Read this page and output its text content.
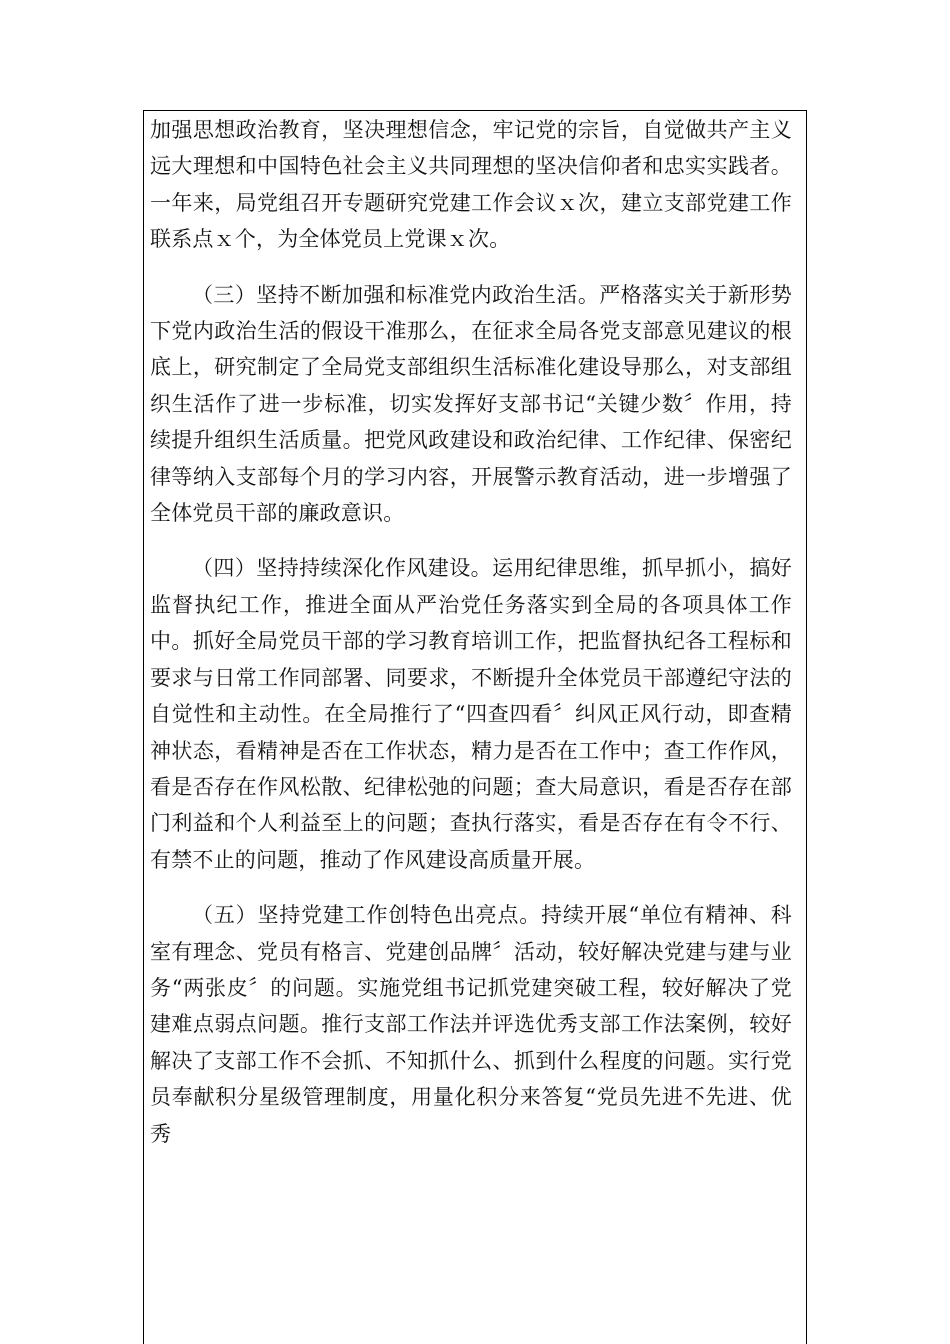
加强思想政治教育，坚决理想信念，牢记党的宗旨，自觉做共产主义远大理想和中国特色社会主义共同理想的坚决信仰者和忠实实践者。一年来，局党组召开专题研究党建工作会议ｘ次，建立支部党建工作联系点ｘ个，为全体党员上党课ｘ次。

（三）坚持不断加强和标准党内政治生活。严格落实关于新形势下党内政治生活的假设干准那么，在征求全局各党支部意见建议的根底上，研究制定了全局党支部组织生活标准化建设导那么，对支部组织生活作了进一步标准，切实发挥好支部书记“关键少数〞作用，持续提升组织生活质量。把党风政建设和政治纪律、工作纪律、保密纪律等纳入支部每个月的学习内容，开展警示教育活动，进一步增强了全体党员干部的廉政意识。

（四）坚持持续深化作风建设。运用纪律思维，抓早抓小，搞好监督执纪工作，推进全面从严治党任务落实到全局的各项具体工作中。抓好全局党员干部的学习教育培训工作，把监督执纪各工程标和要求与日常工作同部署、同要求，不断提升全体党员干部遵纪守法的自觉性和主动性。在全局推行了“四查四看〞纠风正风行动，即查精神状态，看精神是否在工作状态，精力是否在工作中；查工作作风，看是否存在作风松散、纪律松弛的问题；查大局意识，看是否存在部门利益和个人利益至上的问题；查执行落实，看是否存在有令不行、有禁不止的问题，推动了作风建设高质量开展。

（五）坚持党建工作创特色出亮点。持续开展“单位有精神、科室有理念、党员有格言、党建创品牌〞活动，较好解决党建与建与业务“两张皮〞的问题。实施党组书记抓党建突破工程，较好解决了党建难点弱点问题。推行支部工作法并评选优秀支部工作法案例，较好解决了支部工作不会抓、不知抓什么、抓到什么程度的问题。实行党员奉献积分星级管理制度，用量化积分来答复“党员先进不先进、优秀
